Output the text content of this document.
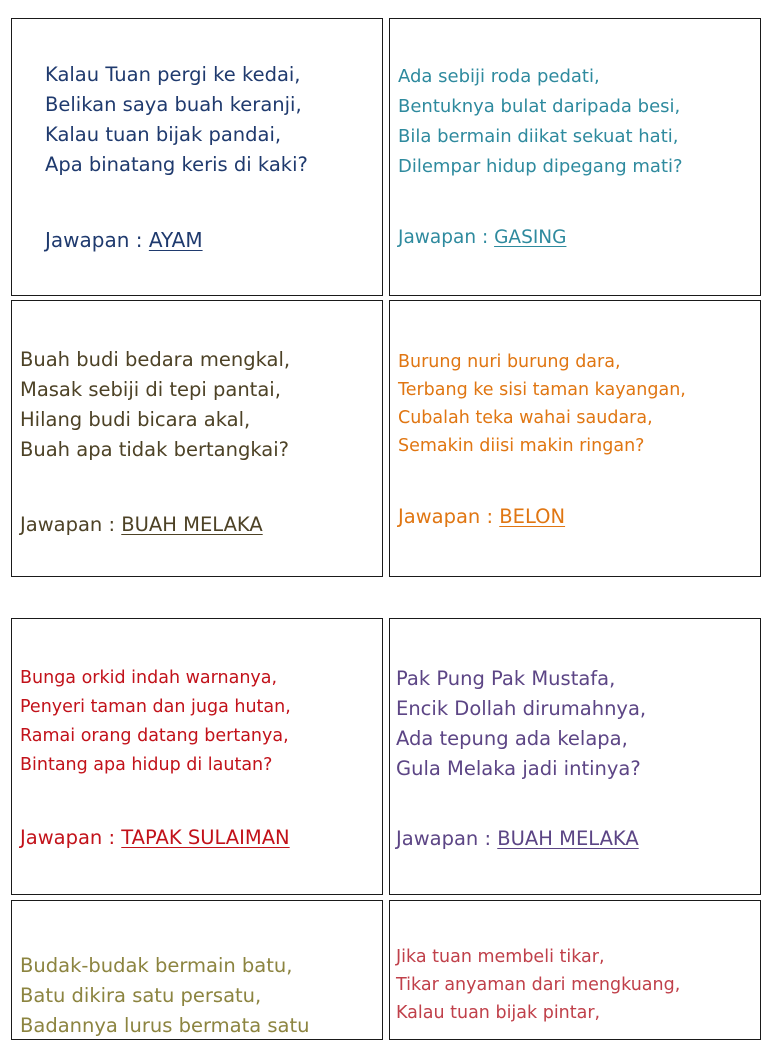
Kalau Tuan pergi ke kedai,
Belikan saya buah keranji,
Kalau tuan bijak pandai,
Apa binatang keris di kaki?
Jawapan : AYAM
Ada sebiji roda pedati,
Bentuknya bulat daripada besi,
Bila bermain diikat sekuat hati,
Dilempar hidup dipegang mati?
Jawapan : GASING
Buah budi bedara mengkal,
Masak sebiji di tepi pantai,
Hilang budi bicara akal,
Buah apa tidak bertangkai?
Jawapan : BUAH MELAKA
Burung nuri burung dara,
Terbang ke sisi taman kayangan,
Cubalah teka wahai saudara,
Semakin diisi makin ringan?
Jawapan : BELON
Bunga orkid indah warnanya,
Penyeri taman dan juga hutan,
Ramai orang datang bertanya,
Bintang apa hidup di lautan?
Jawapan : TAPAK SULAIMAN
Pak Pung Pak Mustafa,
Encik Dollah dirumahnya,
Ada tepung ada kelapa,
Gula Melaka jadi intinya?
Jawapan : BUAH MELAKA
Budak-budak bermain batu,
Batu dikira satu persatu,
Badannya lurus bermata satu
Jika tuan membeli tikar,
Tikar anyaman dari mengkuang,
Kalau tuan bijak pintar,
